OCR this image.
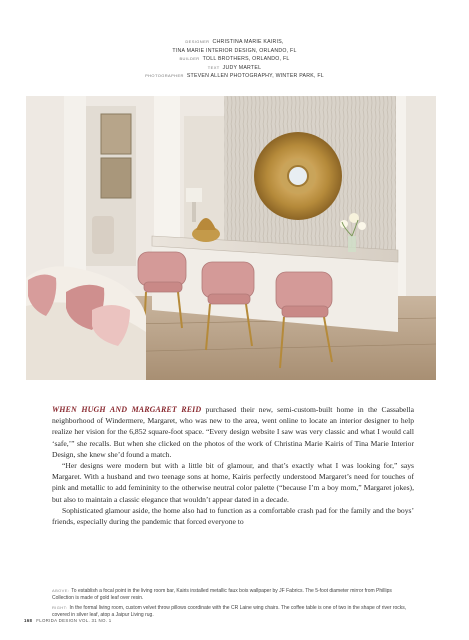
DESIGNER CHRISTINA MARIE KAIRIS,
TINA MARIE INTERIOR DESIGN, ORLANDO, FL
BUILDER TOLL BROTHERS, ORLANDO, FL
TEXT JUDY MARTEL
PHOTOGRAPHER STEVEN ALLEN PHOTOGRAPHY, WINTER PARK, FL

WHEN HUGH AND MARGARET REID purchased their new, semi-custom-built home in the Cassabella neighborhood of Windermere, Margaret, who was new to the area, went online to locate an interior designer to help realize her vision for the 6,852 square-foot space. “Every design website I saw was very classic and what I would call ‘safe,’” she recalls. But when she clicked on the photos of the work of Christina Marie Kairis of Tina Marie Interior Design, she knew she’d found a match.

“Her designs were modern but with a little bit of glamour, and that’s exactly what I was looking for,” says Margaret. With a husband and two teenage sons at home, Kairis perfectly understood Margaret’s need for touches of pink and metallic to add femininity to the otherwise neutral color palette (“because I’m a boy mom,” Margaret jokes), but also to maintain a classic elegance that wouldn’t appear dated in a decade.

Sophisticated glamour aside, the home also had to function as a comfortable crash pad for the family and the boys’ friends, especially during the pandemic that forced everyone to

ABOVE: To establish a focal point in the living room bar, Kairis installed metallic faux bois wallpaper by JF Fabrics. The 5-foot diameter mirror from Phillips Collection is made of gold leaf over resin.

RIGHT: In the formal living room, custom velvet throw pillows coordinate with the CR Laine wing chairs. The coffee table is one of two in the shape of river rocks, covered in silver leaf, atop a Jaipur Living rug.

168 FLORIDA DESIGN VOL. 31 NO. 1
